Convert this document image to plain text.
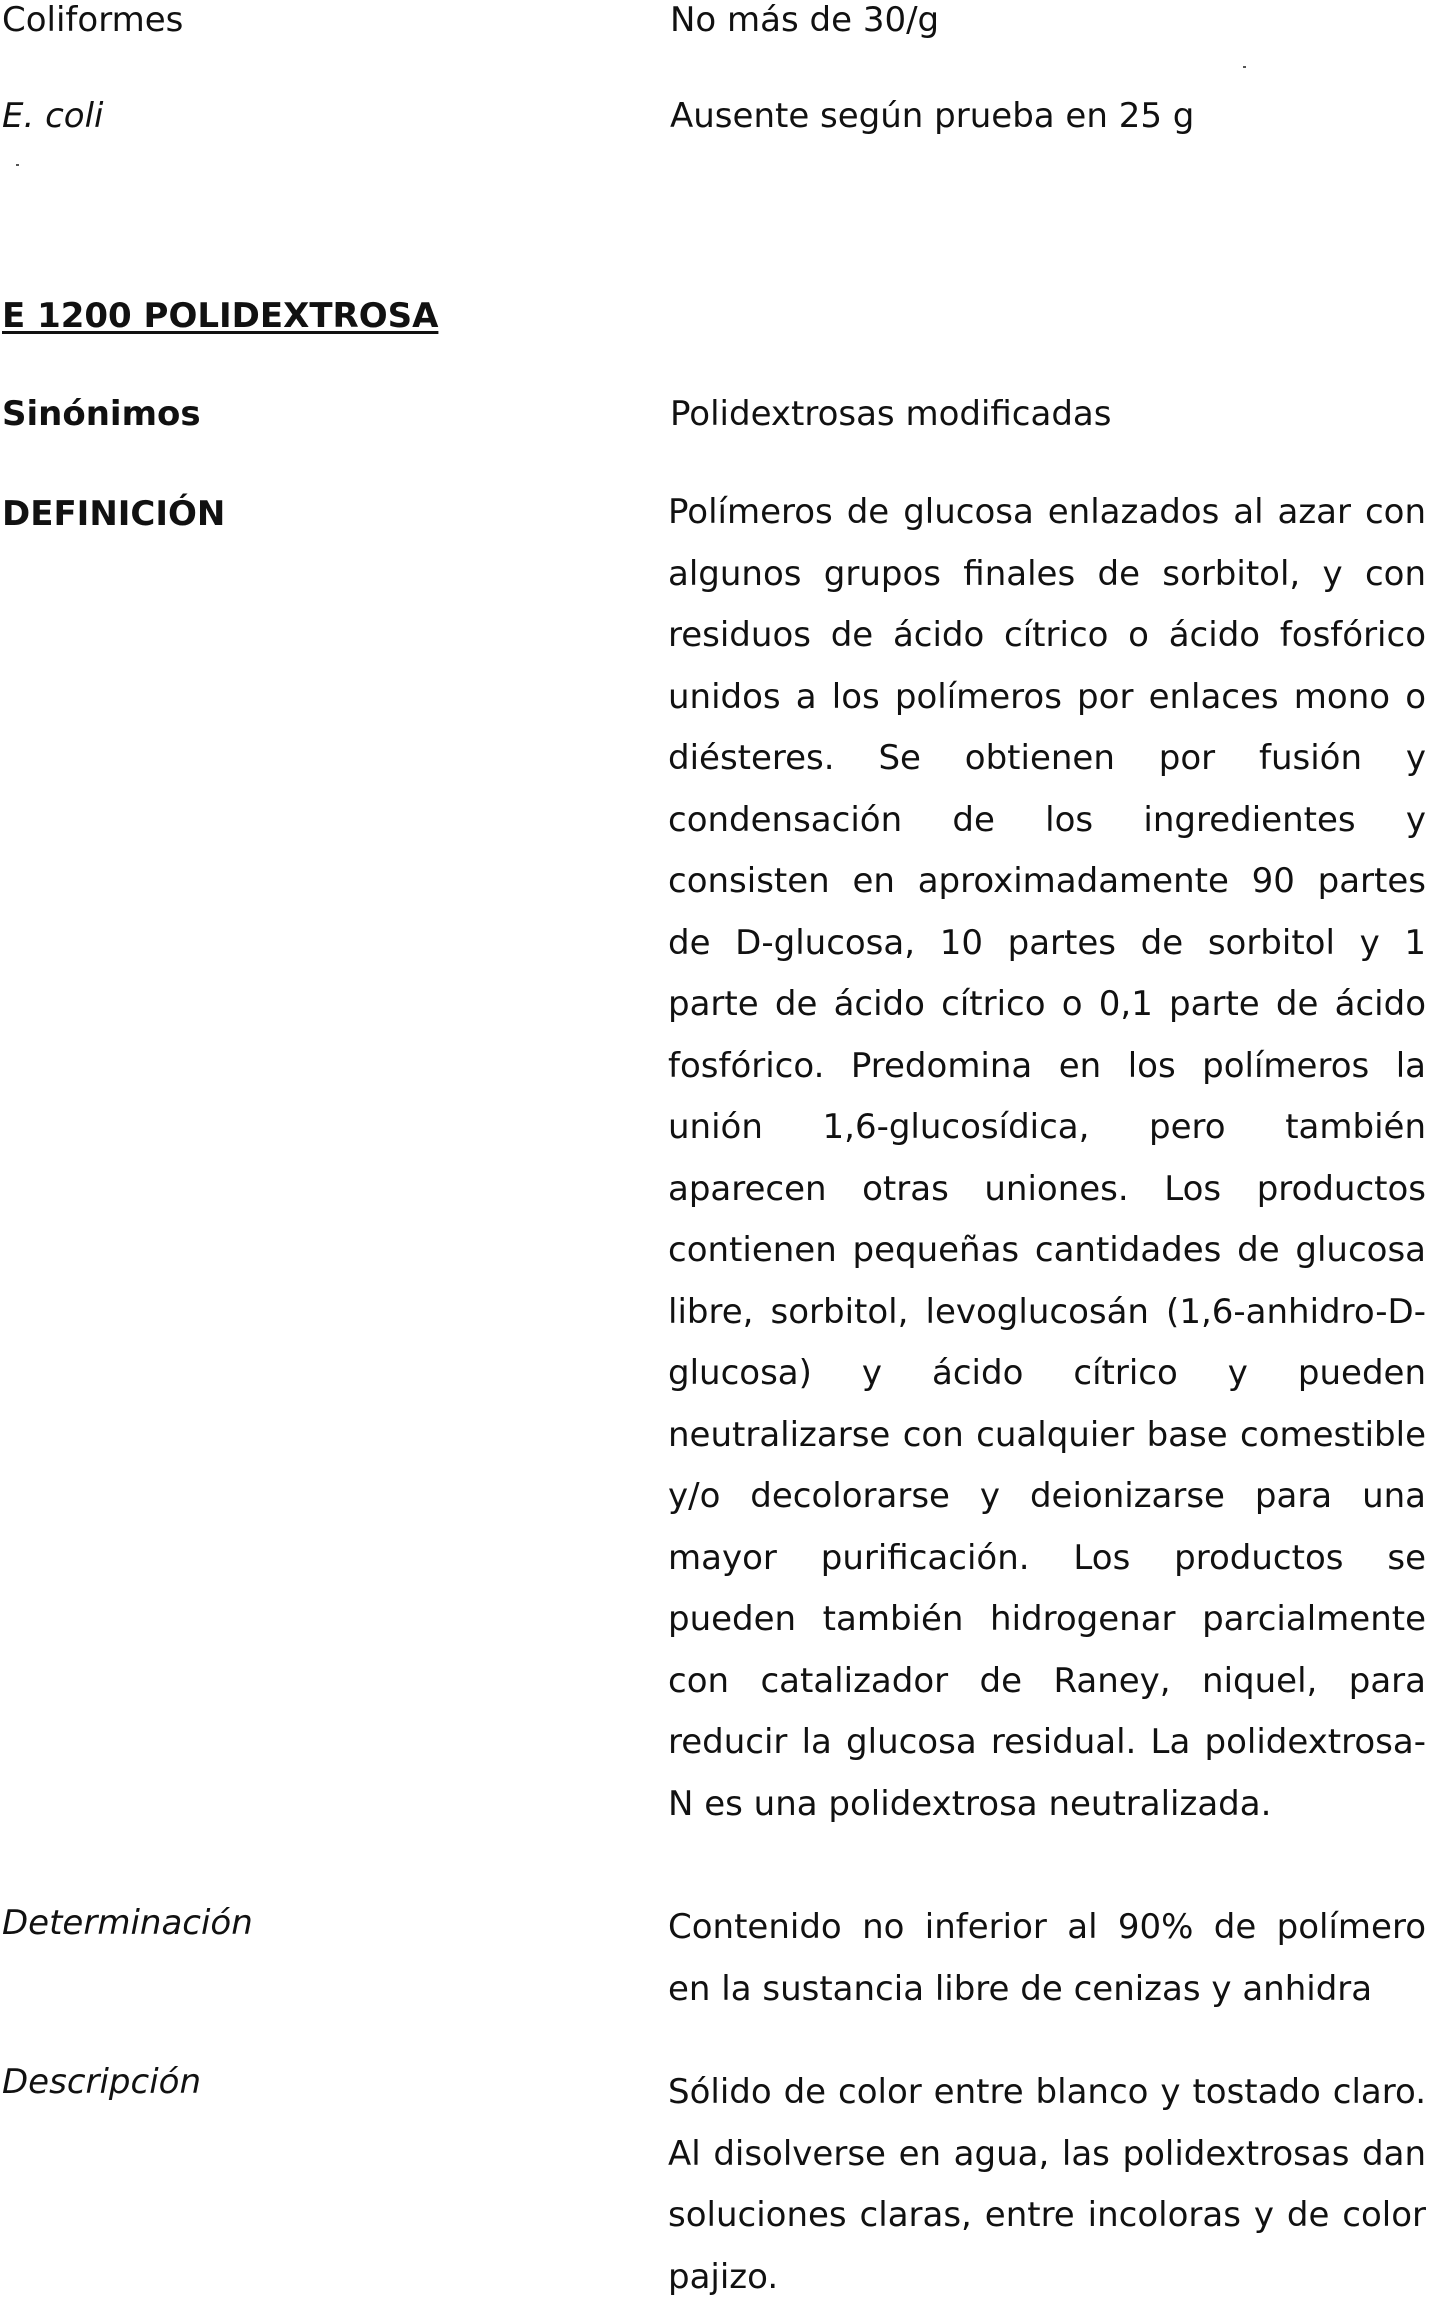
Coliformes	No más de 30/g
E. coli	Ausente según prueba en 25 g
E 1200 POLIDEXTROSA
Sinónimos	Polidextrosas modificadas
DEFINICIÓN	Polímeros de glucosa enlazados al azar con
algunos grupos finales de sorbitol, y con
residuos de ácido cítrico o ácido fosfórico
unidos a los polímeros por enlaces mono o
diésteres. Se obtienen por fusión y
condensación de los ingredientes y
consisten en aproximadamente 90 partes
de D-glucosa, 10 partes de sorbitol y 1
parte de ácido cítrico o 0,1 parte de ácido
fosfórico. Predomina en los polímeros la
unión 1,6-glucosídica, pero también
aparecen otras uniones. Los productos
contienen pequeñas cantidades de glucosa
libre, sorbitol, levoglucosán (1,6-anhidro-D-
glucosa) y ácido cítrico y pueden
neutralizarse con cualquier base comestible
y/o decolorarse y deionizarse para una
mayor purificación. Los productos se
pueden también hidrogenar parcialmente
con catalizador de Raney, niquel, para
reducir la glucosa residual. La polidextrosa-
N es una polidextrosa neutralizada.
Determinación	Contenido no inferior al 90% de polímero
en la sustancia libre de cenizas y anhidra
Descripción	Sólido de color entre blanco y tostado claro.
Al disolverse en agua, las polidextrosas dan
soluciones claras, entre incoloras y de color
pajizo.
